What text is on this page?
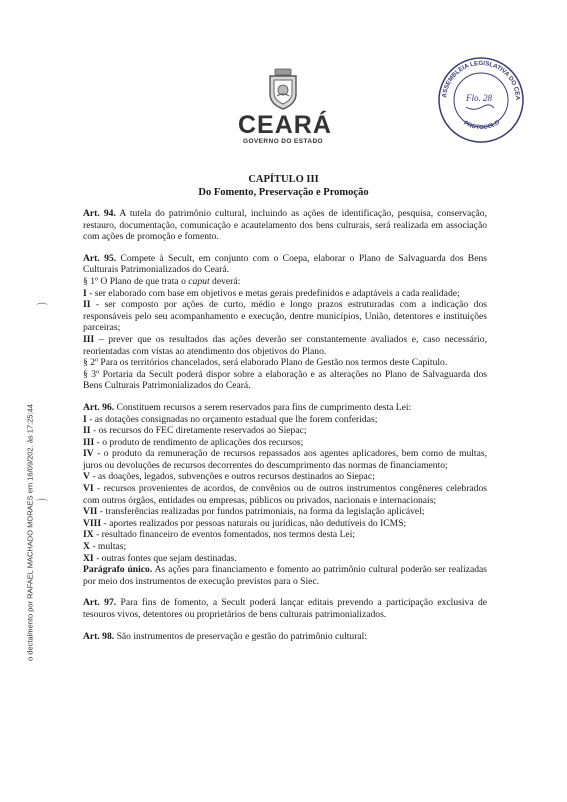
CEARÁ
GOVERNO DO ESTADO
ASSEMBLEIA LEGISLATIVA DO CEA
PROTOCOLO
Flo. 28
o dectalmento por RAFAEL MACHADO MORAES em 16/09/202. às 17:25:44
⌒
⌒
CAPÍTULO III
Do Fomento, Preservação e Promoção

Art. 94. A tutela do patrimônio cultural, incluindo as ações de identificação, pesquisa, conservação, restauro, documentação, comunicação e acautelamento dos bens culturais, será realizada em associação com ações de promoção e fomento.

Art. 95. Compete à Secult, em conjunto com o Coepa, elaborar o Plano de Salvaguarda dos Bens Culturais Patrimonializados do Ceará.

§ 1º O Plano de que trata o caput deverá:

I - ser elaborado com base em objetivos e metas gerais predefinidos e adaptáveis a cada realidade;

II - ser composto por ações de curto, médio e longo prazos estruturadas com a indicação dos responsáveis pelo seu acompanhamento e execução, dentre municípios, União, detentores e instituições parceiras;

III – prever que os resultados das ações deverão ser constantemente avaliados e, caso necessário, reorientadas com vistas ao atendimento dos objetivos do Plano.

§ 2º Para os territórios chancelados, será elaborado Plano de Gestão nos termos deste Capítulo.

§ 3º Portaria da Secult poderá dispor sobre a elaboração e as alterações no Plano de Salvaguarda dos Bens Culturais Patrimonializados do Ceará.

Art. 96. Constituem recursos a serem reservados para fins de cumprimento desta Lei:

I - as dotações consignadas no orçamento estadual que lhe forem conferidas;

II - os recursos do FEC diretamente reservados ao Siepac;

III - o produto de rendimento de aplicações dos recursos;

IV - o produto da remuneração de recursos repassados aos agentes aplicadores, bem como de multas, juros ou devoluções de recursos decorrentes do descumprimento das normas de financiamento;

V - as doações, legados, subvenções e outros recursos destinados ao Siepac;

VI - recursos provenientes de acordos, de convênios ou de outros instrumentos congêneres celebrados com outros órgãos, entidades ou empresas, públicos ou privados, nacionais e internacionais;

VII - transferências realizadas por fundos patrimoniais, na forma da legislação aplicável;

VIII - aportes realizados por pessoas naturais ou jurídicas, não dedutíveis do ICMS;

IX - resultado financeiro de eventos fomentados, nos termos desta Lei;

X - multas;

XI - outras fontes que sejam destinadas.

Parágrafo único. As ações para financiamento e fomento ao patrimônio cultural poderão ser realizadas por meio dos instrumentos de execução previstos para o Siec.

Art. 97. Para fins de fomento, a Secult poderá lançar editais prevendo a participação exclusiva de tesouros vivos, detentores ou proprietários de bens culturais patrimonializados.

Art. 98. São instrumentos de preservação e gestão do patrimônio cultural:
